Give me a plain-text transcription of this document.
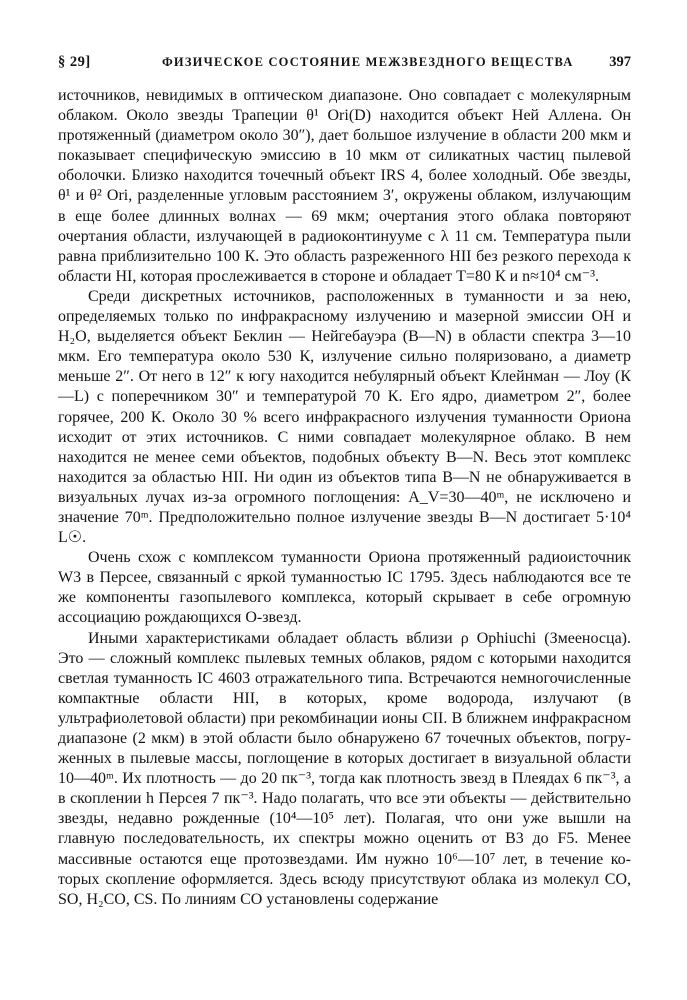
§ 29]	ФИЗИЧЕСКОЕ СОСТОЯНИЕ МЕЖЗВЕЗДНОГО ВЕЩЕСТВА 397

источников, невидимых в оптическом диапазоне. Оно совпадает с молекулярным облаком. Около звезды Трапеции θ¹ Ori(D) находится объект Ней Аллена. Он протяженный (диаметром около 30″), дает большое излучение в области 200 мкм и показывает специфическую эмиссию в 10 мкм от силикатных частиц пылевой оболочки. Близко находится точечный объект IRS 4, более холодный. Обе звезды, θ¹ и θ² Ori, разделенные угловым расстоянием 3′, окружены облаком, излучающим в еще более длинных волнах — 69 мкм; очертания этого облака повторяют очертания области, излучающей в радиоконтинууме с λ 11 см. Температура пыли равна приблизительно 100 К. Это область разреженного НII без резкого перехода к области НI, которая прослеживается в стороне и обладает T=80 К и n≈10⁴ см⁻³.

Среди дискретных источников, расположенных в туманности и за нею, определяемых только по инфракрасному излучению и мазерной эмиссии ОН и Н₂О, выделяется объект Беклин — Нейгебауэра (В—N) в области спектра 3—10 мкм. Его температура около 530 К, излучение сильно поляризовано, а диаметр меньше 2″. От него в 12″ к югу находится небулярный объект Клейнман — Лоу (К—L) с поперечником 30″ и температурой 70 К. Его ядро, диаметром 2″, более горячее, 200 К. Около 30 % всего инфракрасного излучения туманности Ориона исходит от этих источников. С ними совпадает молекулярное облако. В нем находится не менее семи объектов, подобных объекту В—N. Весь этот комплекс находится за областью НII. Ни один из объектов типа В—N не обнаруживается в визуальных лучах из-за огромного поглощения: A_V=30—40ᵐ, не исключено и значение 70ᵐ. Предположительно полное излучение звезды В—N достигает 5·10⁴ L☉.

Очень схож с комплексом туманности Ориона протяженный радиоисточник W3 в Персее, связанный с яркой туманностью IC 1795. Здесь наблюдаются все те же компоненты газопылевого комплекса, который скрывает в себе огромную ассоциацию рождающихся О-звезд.

Иными характеристиками обладает область вблизи ρ Ophiuchi (Змееносца). Это — сложный комплекс пылевых темных облаков, рядом с которыми находится светлая туманность IC 4603 отражательного типа. Встречаются немногочисленные компактные области НII, в которых, кроме водорода, излучают (в ультрафиолетовой области) при рекомбинации ионы СII. В ближнем инфракрасном диапазоне (2 мкм) в этой области было обнаружено 67 точечных объектов, погруженных в пылевые массы, поглощение в которых достигает в визуальной области 10—40ᵐ. Их плотность — до 20 пк⁻³, тогда как плотность звезд в Плеядах 6 пк⁻³, а в скоплении h Персея 7 пк⁻³. Надо полагать, что все эти объекты — действительно звезды, недавно рожденные (10⁴—10⁵ лет). Полагая, что они уже вышли на главную последовательность, их спектры можно оценить от В3 до F5. Менее массивные остаются еще протозвездами. Им нужно 10⁶—10⁷ лет, в течение которых скопление оформляется. Здесь всюду присутствуют облака из молекул СО, SO, Н₂СО, CS. По линиям СО установлены содержание
